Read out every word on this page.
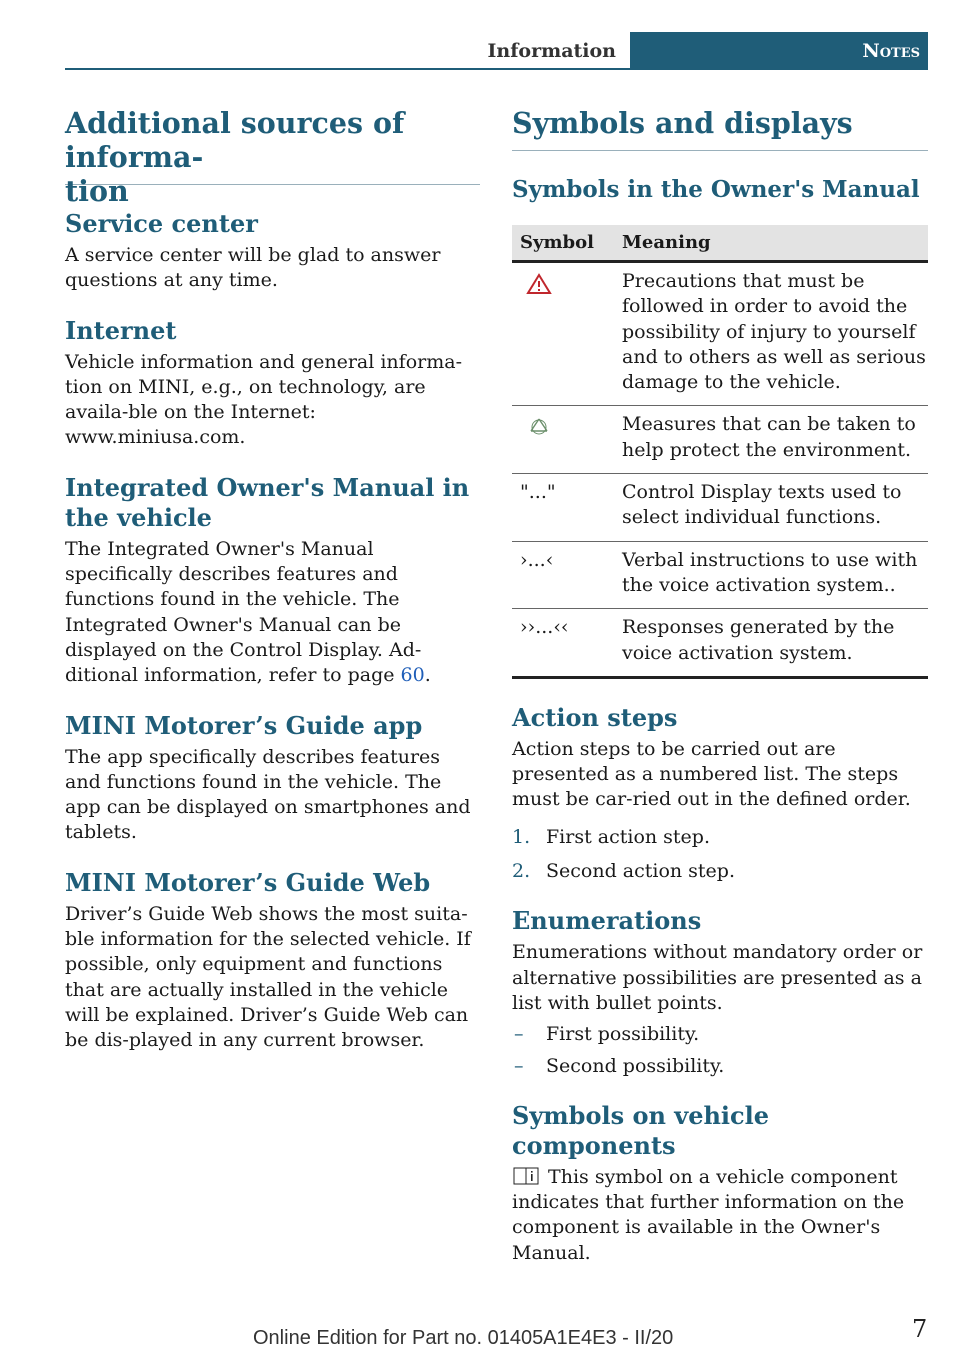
Information	Notes
Additional sources of informa-
tion
Service center

A service center will be glad to answer questions at any time.

Internet

Vehicle information and general informa-tion on MINI, e.g., on technology, are availa-ble on the Internet: www.miniusa.com.

Integrated Owner's Manual in the vehicle

The Integrated Owner's Manual specifically describes features and functions found in the vehicle. The Integrated Owner's Manual can be displayed on the Control Display. Ad-ditional information, refer to page 60.

MINI Motorer’s Guide app

The app specifically describes features and functions found in the vehicle. The app can be displayed on smartphones and tablets.

MINI Motorer’s Guide Web

Driver’s Guide Web shows the most suita-ble information for the selected vehicle. If possible, only equipment and functions that are actually installed in the vehicle will be explained. Driver’s Guide Web can be dis-played in any current browser.

Symbols and displays
Symbols in the Owner's Manual
Symbol	Meaning
	Precautions that must be followed in order to avoid the possibility of injury to yourself and to others as well as serious damage to the vehicle.
	Measures that can be taken to help protect the environment.
"..."	Control Display texts used to select individual functions.
›...‹	Verbal instructions to use with the voice activation system..
››...‹‹	Responses generated by the voice activation system.
Action steps

Action steps to be carried out are presented as a numbered list. The steps must be car-ried out in the defined order.

1. First action step.
2. Second action step.
Enumerations

Enumerations without mandatory order or alternative possibilities are presented as a list with bullet points.

– First possibility.
– Second possibility.
Symbols on vehicle components

This symbol on a vehicle component indicates that further information on the component is available in the Owner's Manual.

Online Edition for Part no. 01405A1E4E3 - II/20	7
